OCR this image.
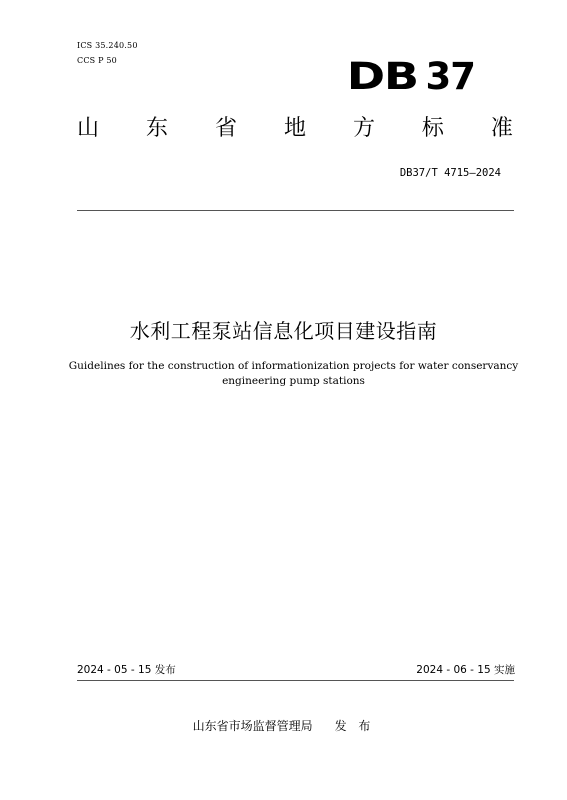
ICS 35.240.50
CCS P 50	DB 37
山 东 省 地 方 标 准
DB37/T 4715—2024
水利工程泵站信息化项目建设指南
Guidelines for the construction of informationization projects for water conservancy engineering pump stations
2024 - 05 - 15 发布	2024 - 06 - 15 实施
山东省市场监督管理局 发 布
